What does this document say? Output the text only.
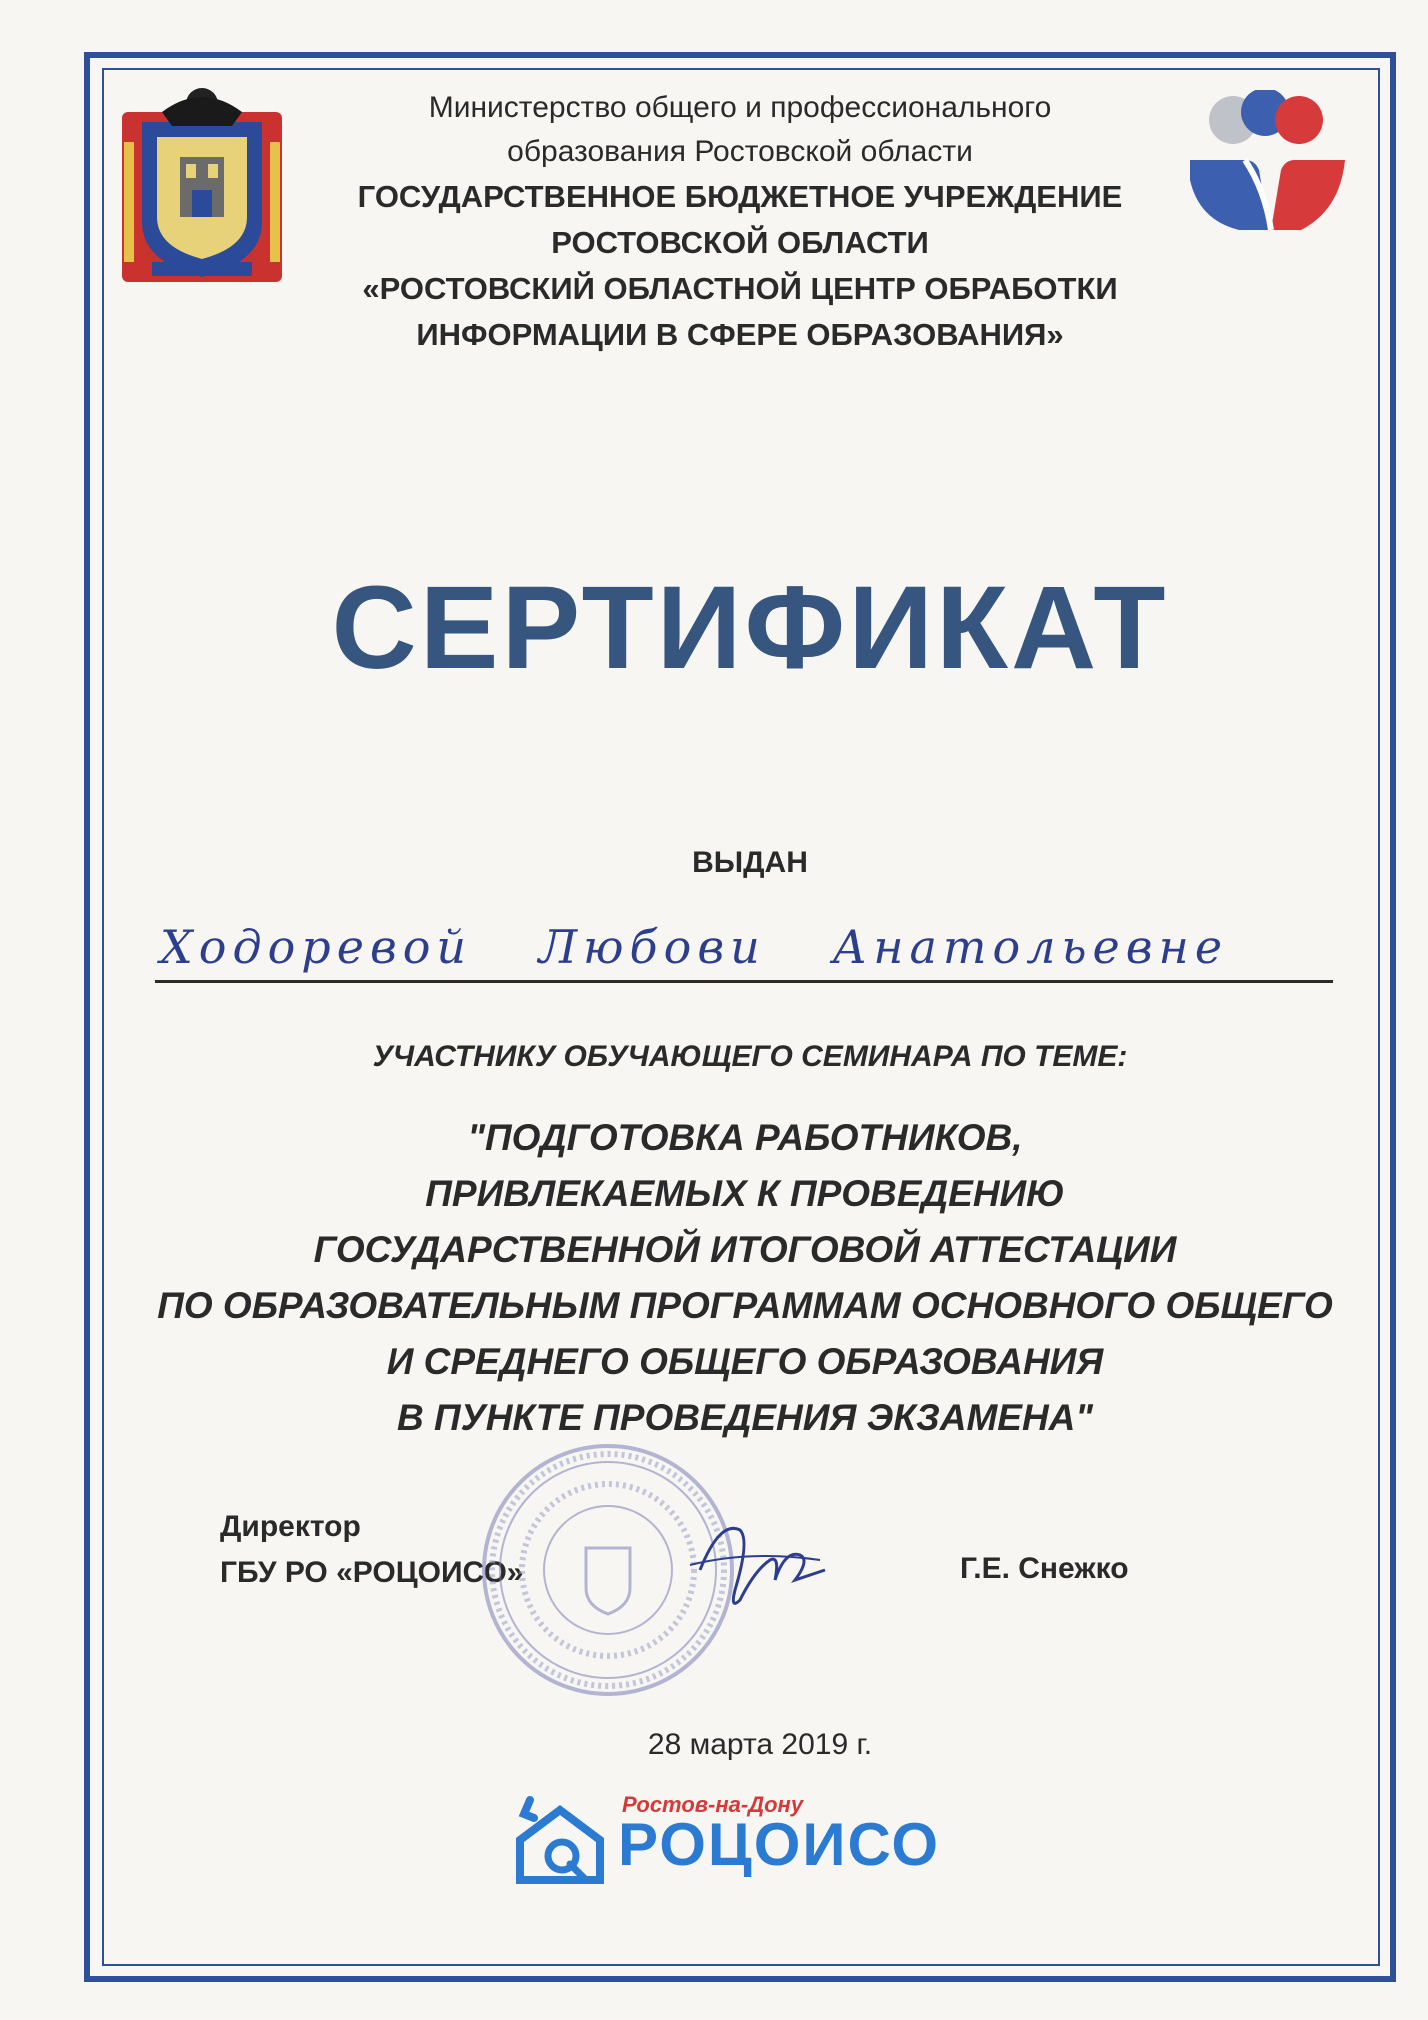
Министерство общего и профессионального
образования Ростовской области
ГОСУДАРСТВЕННОЕ БЮДЖЕТНОЕ УЧРЕЖДЕНИЕ
РОСТОВСКОЙ ОБЛАСТИ
«РОСТОВСКИЙ ОБЛАСТНОЙ ЦЕНТР ОБРАБОТКИ
ИНФОРМАЦИИ В СФЕРЕ ОБРАЗОВАНИЯ»
СЕРТИФИКАТ
ВЫДАН
Ходоревой Любови Анатольевне
УЧАСТНИКУ ОБУЧАЮЩЕГО СЕМИНАРА ПО ТЕМЕ:
"ПОДГОТОВКА РАБОТНИКОВ,
ПРИВЛЕКАЕМЫХ К ПРОВЕДЕНИЮ
ГОСУДАРСТВЕННОЙ ИТОГОВОЙ АТТЕСТАЦИИ
ПО ОБРАЗОВАТЕЛЬНЫМ ПРОГРАММАМ ОСНОВНОГО ОБЩЕГО
И СРЕДНЕГО ОБЩЕГО ОБРАЗОВАНИЯ
В ПУНКТЕ ПРОВЕДЕНИЯ ЭКЗАМЕНА"
Директор
ГБУ РО «РОЦОИСО»	Г.Е. Снежко
28 марта 2019 г.
Ростов-на-Дону
РОЦОИСО
